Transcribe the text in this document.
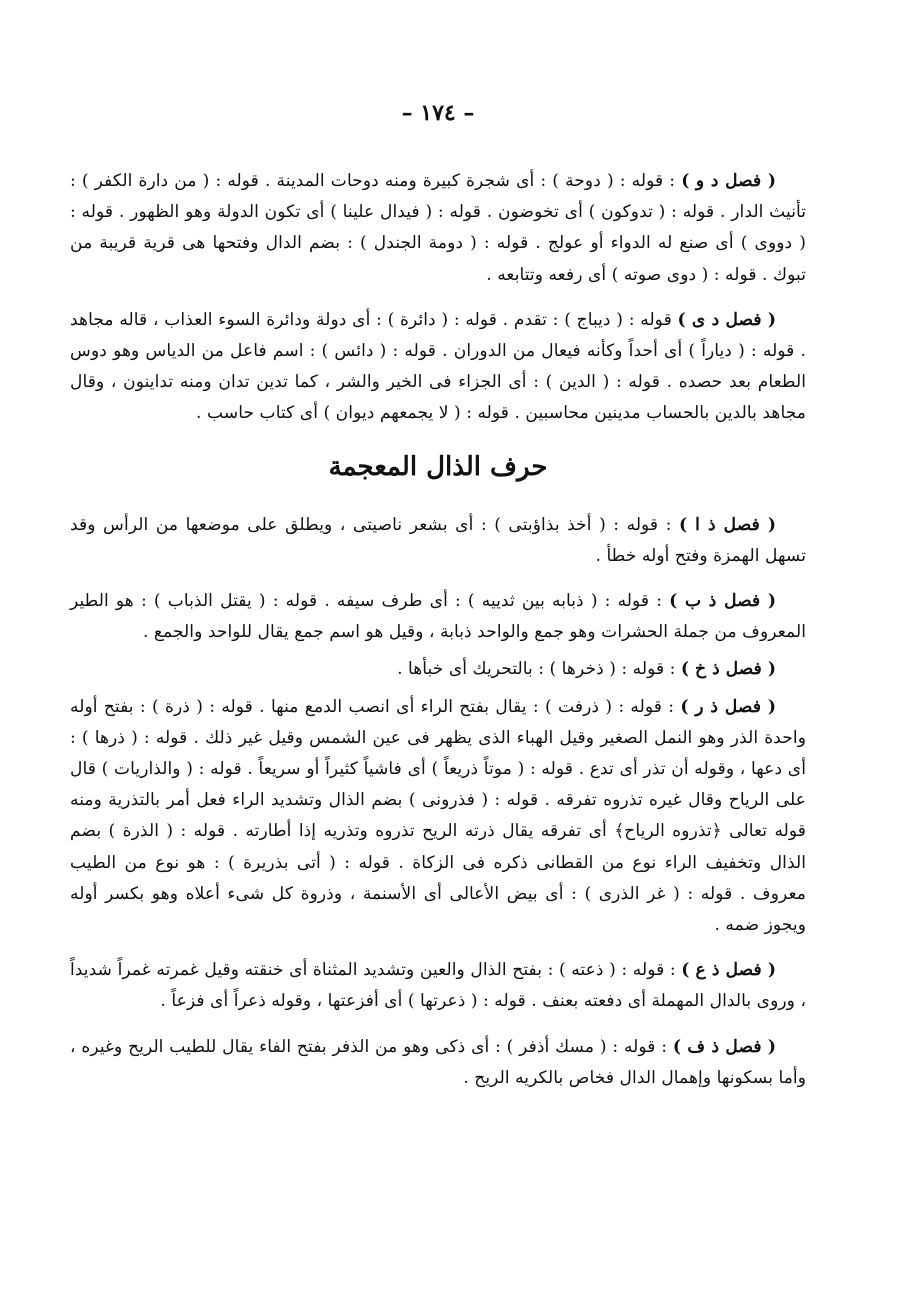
– ١٧٤ –

( فصل د و ) : قوله : ( دوحة ) : أى شجرة كبيرة ومنه دوحات المدينة . قوله : ( من دارة الكفر ) : تأنيث الدار . قوله : ( تدوكون ) أى تخوضون . قوله : ( فيدال علينا ) أى تكون الدولة وهو الظهور . قوله : ( دووى ) أى صنع له الدواء أو عولج . قوله : ( دومة الجندل ) : بضم الدال وفتحها هى قرية قريبة من تبوك . قوله : ( دوى صوته ) أى رفعه وتتابعه .

( فصل د ى ) قوله : ( ديباج ) : تقدم . قوله : ( دائرة ) : أى دولة ودائرة السوء العذاب ، قاله مجاهد . قوله : ( دياراً ) أى أحداً وكأنه فيعال من الدوران . قوله : ( دائس ) : اسم فاعل من الدياس وهو دوس الطعام بعد حصده . قوله : ( الدين ) : أى الجزاء فى الخير والشر ، كما تدين تدان ومنه تداينون ، وقال مجاهد بالدين بالحساب مدينين محاسبين . قوله : ( لا يجمعهم ديوان ) أى كتاب حاسب .

حرف الذال المعجمة

( فصل ذ ا ) : قوله : ( أخذ بذاؤبتى ) : أى بشعر ناصيتى ، ويطلق على موضعها من الرأس وقد تسهل الهمزة وفتح أوله خطأ .

( فصل ذ ب ) : قوله : ( ذبابه بين ثدييه ) : أى طرف سيفه . قوله : ( يقتل الذباب ) : هو الطير المعروف من جملة الحشرات وهو جمع والواحد ذبابة ، وقيل هو اسم جمع يقال للواحد والجمع .

( فصل ذ خ ) : قوله : ( ذخرها ) : بالتحريك أى خبأها .

( فصل ذ ر ) : قوله : ( ذرفت ) : يقال بفتح الراء أى انصب الدمع منها . قوله : ( ذرة ) : بفتح أوله واحدة الذر وهو النمل الصغير وقيل الهباء الذى يظهر فى عين الشمس وقيل غير ذلك . قوله : ( ذرها ) : أى دعها ، وقوله أن تذر أى تدع . قوله : ( موتاً ذريعاً ) أى فاشياً كثيراً أو سريعاً . قوله : ( والذاريات ) قال على الرياح وقال غيره تذروه تفرقه . قوله : ( فذرونى ) بضم الذال وتشديد الراء فعل أمر بالتذرية ومنه قوله تعالى ﴿تذروه الرياح﴾ أى تفرقه يقال ذرته الريح تذروه وتذريه إذا أطارته . قوله : ( الذرة ) بضم الذال وتخفيف الراء نوع من القطانى ذكره فى الزكاة . قوله : ( أتى بذريرة ) : هو نوع من الطيب معروف . قوله : ( غر الذرى ) : أى بيض الأعالى أى الأسنمة ، وذروة كل شىء أعلاه وهو بكسر أوله ويجوز ضمه .

( فصل ذ ع ) : قوله : ( ذعته ) : بفتح الذال والعين وتشديد المثناة أى خنقته وقيل غمرته غمراً شديداً ، وروى بالدال المهملة أى دفعته بعنف . قوله : ( ذعرتها ) أى أفزعتها ، وقوله ذعراً أى فزعاً .

( فصل ذ ف ) : قوله : ( مسك أذفر ) : أى ذكى وهو من الذفر بفتح الفاء يقال للطيب الريح وغيره ، وأما بسكونها وإهمال الدال فخاص بالكريه الريح .
